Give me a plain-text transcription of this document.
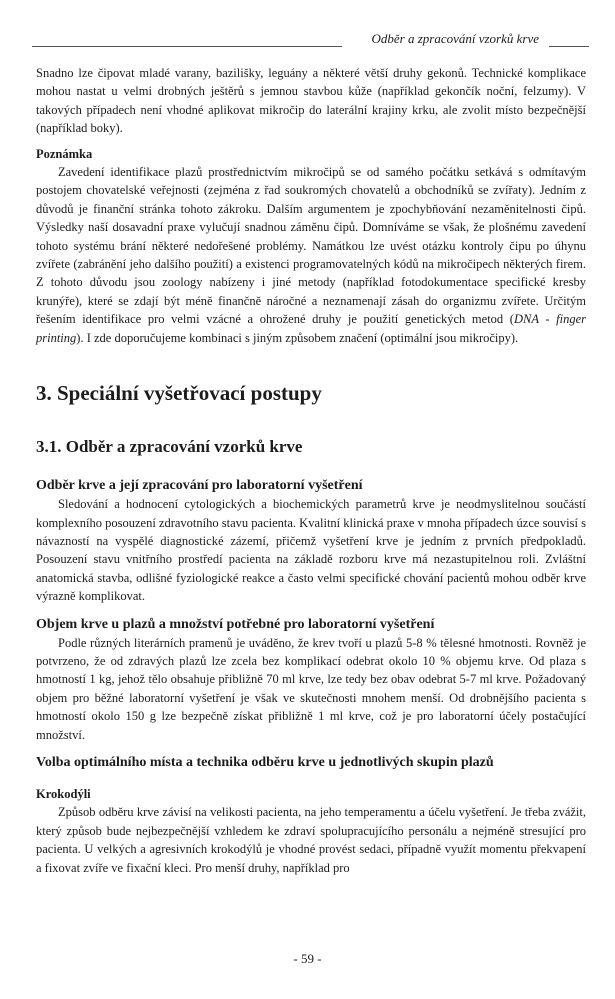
Odběr a zpracování vzorků krve

Snadno lze čipovat mladé varany, bazilišky, leguány a některé větší druhy gekonů. Technické komplikace mohou nastat u velmi drobných ještěrů s jemnou stavbou kůže (například gekončík noční, felzumy). V takových případech není vhodné aplikovat mikročip do laterální krajiny krku, ale zvolit místo bezpečnější (například boky).

Poznámka

Zavedení identifikace plazů prostřednictvím mikročipů se od samého počátku setkává s odmítavým postojem chovatelské veřejnosti (zejména z řad soukromých chovatelů a obchodníků se zvířaty). Jedním z důvodů je finanční stránka tohoto zákroku. Dalším argumentem je zpochybňování nezaměnitelnosti čipů. Výsledky naší dosavadní praxe vylučují snadnou záměnu čipů. Domníváme se však, že plošnému zavedení tohoto systému brání některé nedořešené problémy. Namátkou lze uvést otázku kontroly čipu po úhynu zvířete (zabránění jeho dalšího použití) a existenci programovatelných kódů na mikročipech některých firem. Z tohoto důvodu jsou zoology nabízeny i jiné metody (například fotodokumentace specifické kresby krunýře), které se zdají být méně finančně náročné a neznamenají zásah do organizmu zvířete. Určitým řešením identifikace pro velmi vzácné a ohrožené druhy je použití genetických metod (DNA - finger printing). I zde doporučujeme kombinaci s jiným způsobem značení (optimální jsou mikročipy).

3. Speciální vyšetřovací postupy
3.1. Odběr a zpracování vzorků krve
Odběr krve a její zpracování pro laboratorní vyšetření

Sledování a hodnocení cytologických a biochemických parametrů krve je neodmyslitelnou součástí komplexního posouzení zdravotního stavu pacienta. Kvalitní klinická praxe v mnoha případech úzce souvisí s návazností na vyspělé diagnostické zázemí, přičemž vyšetření krve je jedním z prvních předpokladů. Posouzení stavu vnitřního prostředí pacienta na základě rozboru krve má nezastupitelnou roli. Zvláštní anatomická stavba, odlišné fyziologické reakce a často velmi specifické chování pacientů mohou odběr krve výrazně komplikovat.

Objem krve u plazů a množství potřebné pro laboratorní vyšetření

Podle různých literárních pramenů je uváděno, že krev tvoří u plazů 5-8 % tělesné hmotnosti. Rovněž je potvrzeno, že od zdravých plazů lze zcela bez komplikací odebrat okolo 10 % objemu krve. Od plaza s hmotností 1 kg, jehož tělo obsahuje přibližně 70 ml krve, lze tedy bez obav odebrat 5-7 ml krve. Požadovaný objem pro běžné laboratorní vyšetření je však ve skutečnosti mnohem menší. Od drobnějšího pacienta s hmotností okolo 150 g lze bezpečně získat přibližně 1 ml krve, což je pro laboratorní účely postačující množství.

Volba optimálního místa a technika odběru krve u jednotlivých skupin plazů
Krokodýli

Způsob odběru krve závisí na velikosti pacienta, na jeho temperamentu a účelu vyšetření. Je třeba zvážit, který způsob bude nejbezpečnější vzhledem ke zdraví spolupracujícího personálu a nejméně stresující pro pacienta. U velkých a agresivních krokodýlů je vhodné provést sedaci, případně využít momentu překvapení a fixovat zvíře ve fixační kleci. Pro menší druhy, například pro

- 59 -
